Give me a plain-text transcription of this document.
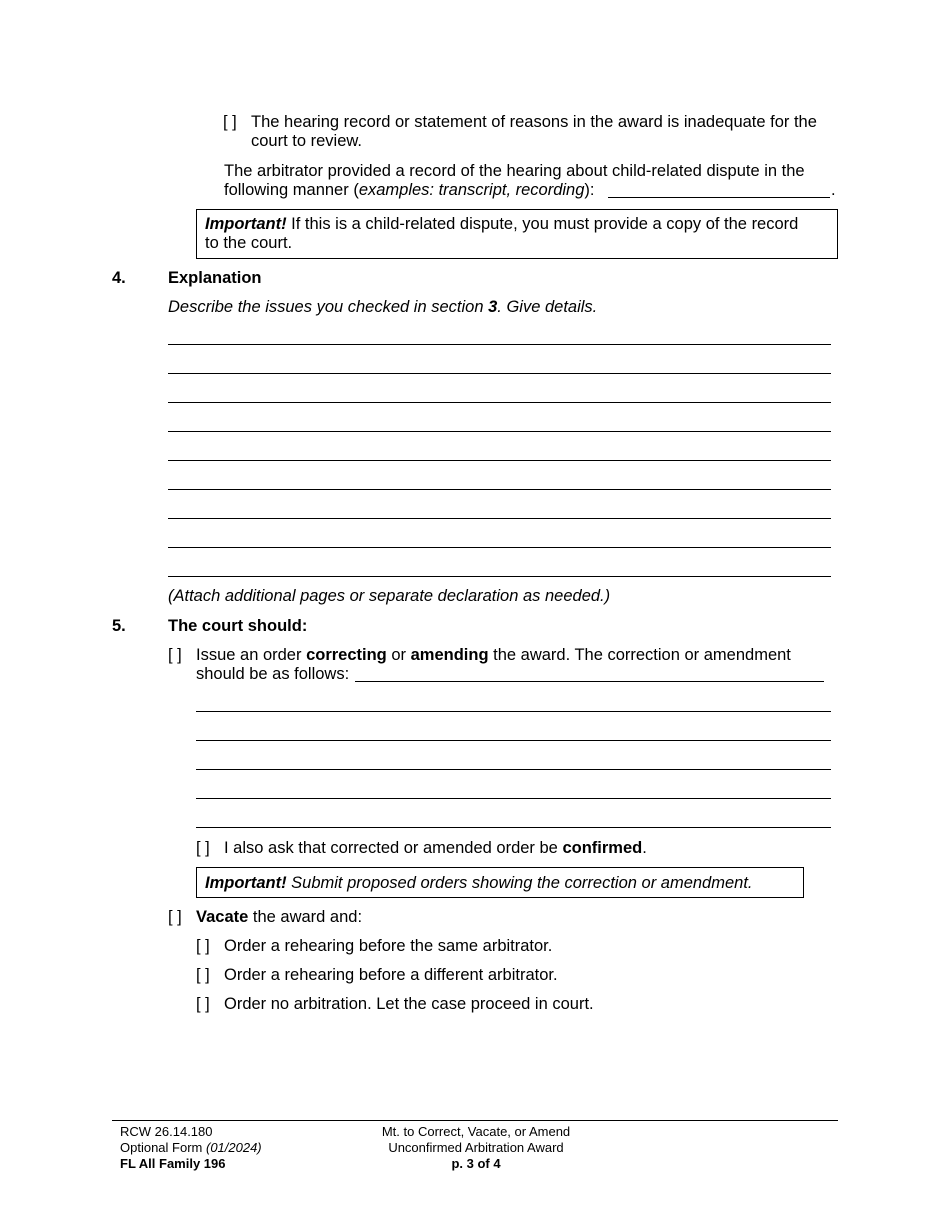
[ ] The hearing record or statement of reasons in the award is inadequate for the
court to review.
The arbitrator provided a record of the hearing about child-related dispute in the
following manner (examples: transcript, recording):	.
Important! If this is a child-related dispute, you must provide a copy of the record
to the court.
4.	Explanation
Describe the issues you checked in section 3. Give details.
(Attach additional pages or separate declaration as needed.)
5.	The court should:
[ ] Issue an order correcting or amending the award. The correction or amendment
should be as follows:
[ ] I also ask that corrected or amended order be confirmed.
Important! Submit proposed orders showing the correction or amendment.
[ ] Vacate the award and:
[ ] Order a rehearing before the same arbitrator.
[ ] Order a rehearing before a different arbitrator.
[ ] Order no arbitration. Let the case proceed in court.
RCW 26.14.180
Optional Form (01/2024)
FL All Family 196
Mt. to Correct, Vacate, or Amend
Unconfirmed Arbitration Award
p. 3 of 4
